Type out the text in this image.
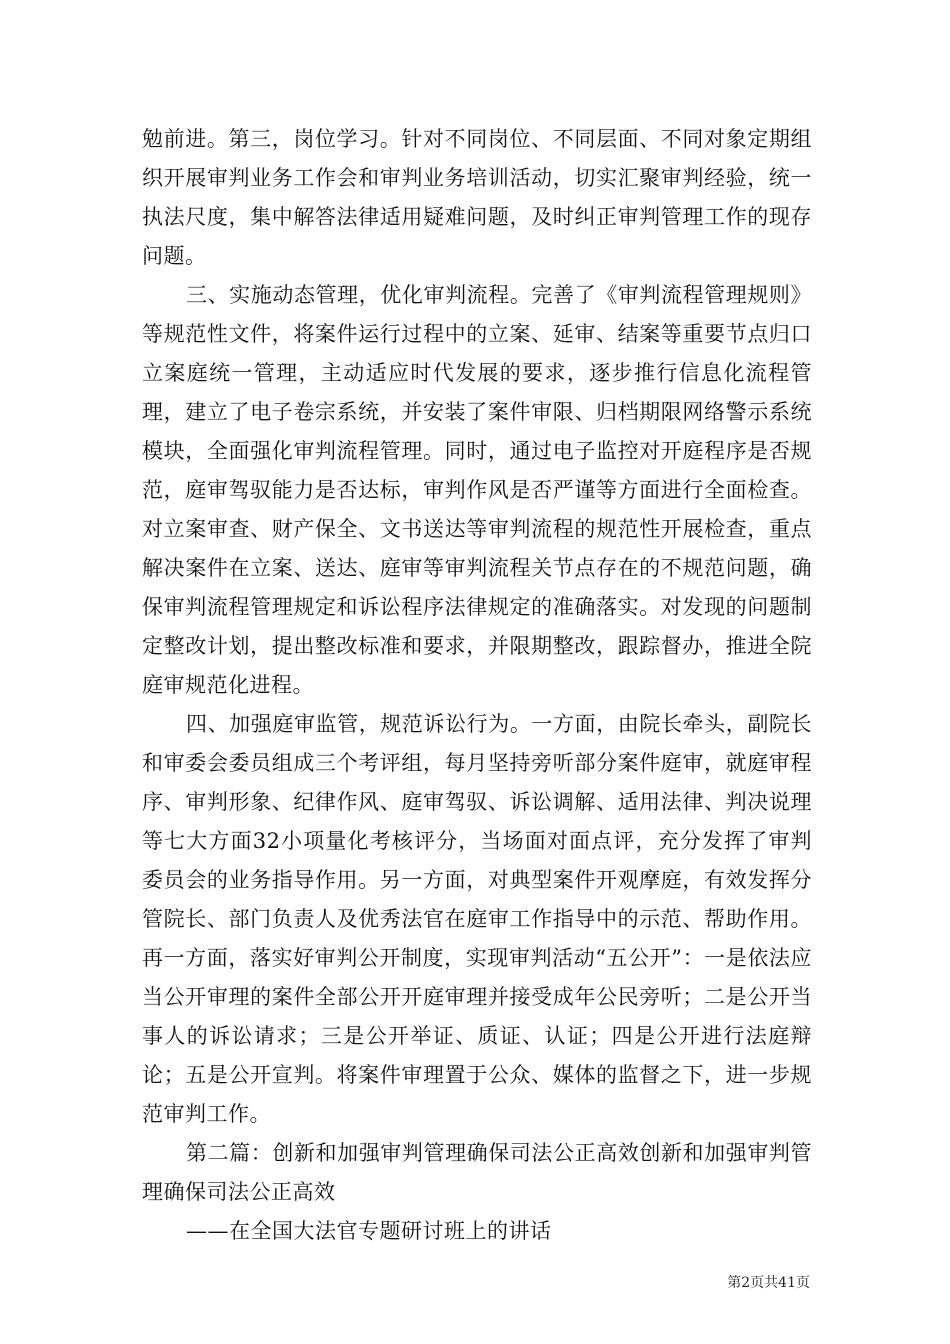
勉前进。第三，岗位学习。针对不同岗位、不同层面、不同对象定期组织开展审判业务工作会和审判业务培训活动，切实汇聚审判经验，统一执法尺度，集中解答法律适用疑难问题，及时纠正审判管理工作的现存问题。

三、实施动态管理，优化审判流程。完善了《审判流程管理规则》等规范性文件，将案件运行过程中的立案、延审、结案等重要节点归口立案庭统一管理，主动适应时代发展的要求，逐步推行信息化流程管理，建立了电子卷宗系统，并安装了案件审限、归档期限网络警示系统模块，全面强化审判流程管理。同时，通过电子监控对开庭程序是否规范，庭审驾驭能力是否达标，审判作风是否严谨等方面进行全面检查。对立案审查、财产保全、文书送达等审判流程的规范性开展检查，重点解决案件在立案、送达、庭审等审判流程关节点存在的不规范问题，确保审判流程管理规定和诉讼程序法律规定的准确落实。对发现的问题制定整改计划，提出整改标准和要求，并限期整改，跟踪督办，推进全院庭审规范化进程。

四、加强庭审监管，规范诉讼行为。一方面，由院长牵头，副院长和审委会委员组成三个考评组，每月坚持旁听部分案件庭审，就庭审程序、审判形象、纪律作风、庭审驾驭、诉讼调解、适用法律、判决说理等七大方面32小项量化考核评分，当场面对面点评，充分发挥了审判委员会的业务指导作用。另一方面，对典型案件开观摩庭，有效发挥分管院长、部门负责人及优秀法官在庭审工作指导中的示范、帮助作用。再一方面，落实好审判公开制度，实现审判活动“五公开”：一是依法应当公开审理的案件全部公开开庭审理并接受成年公民旁听；二是公开当事人的诉讼请求；三是公开举证、质证、认证；四是公开进行法庭辩论；五是公开宣判。将案件审理置于公众、媒体的监督之下，进一步规范审判工作。

第二篇：创新和加强审判管理确保司法公正高效创新和加强审判管理确保司法公正高效

——在全国大法官专题研讨班上的讲话

第2页共41页
